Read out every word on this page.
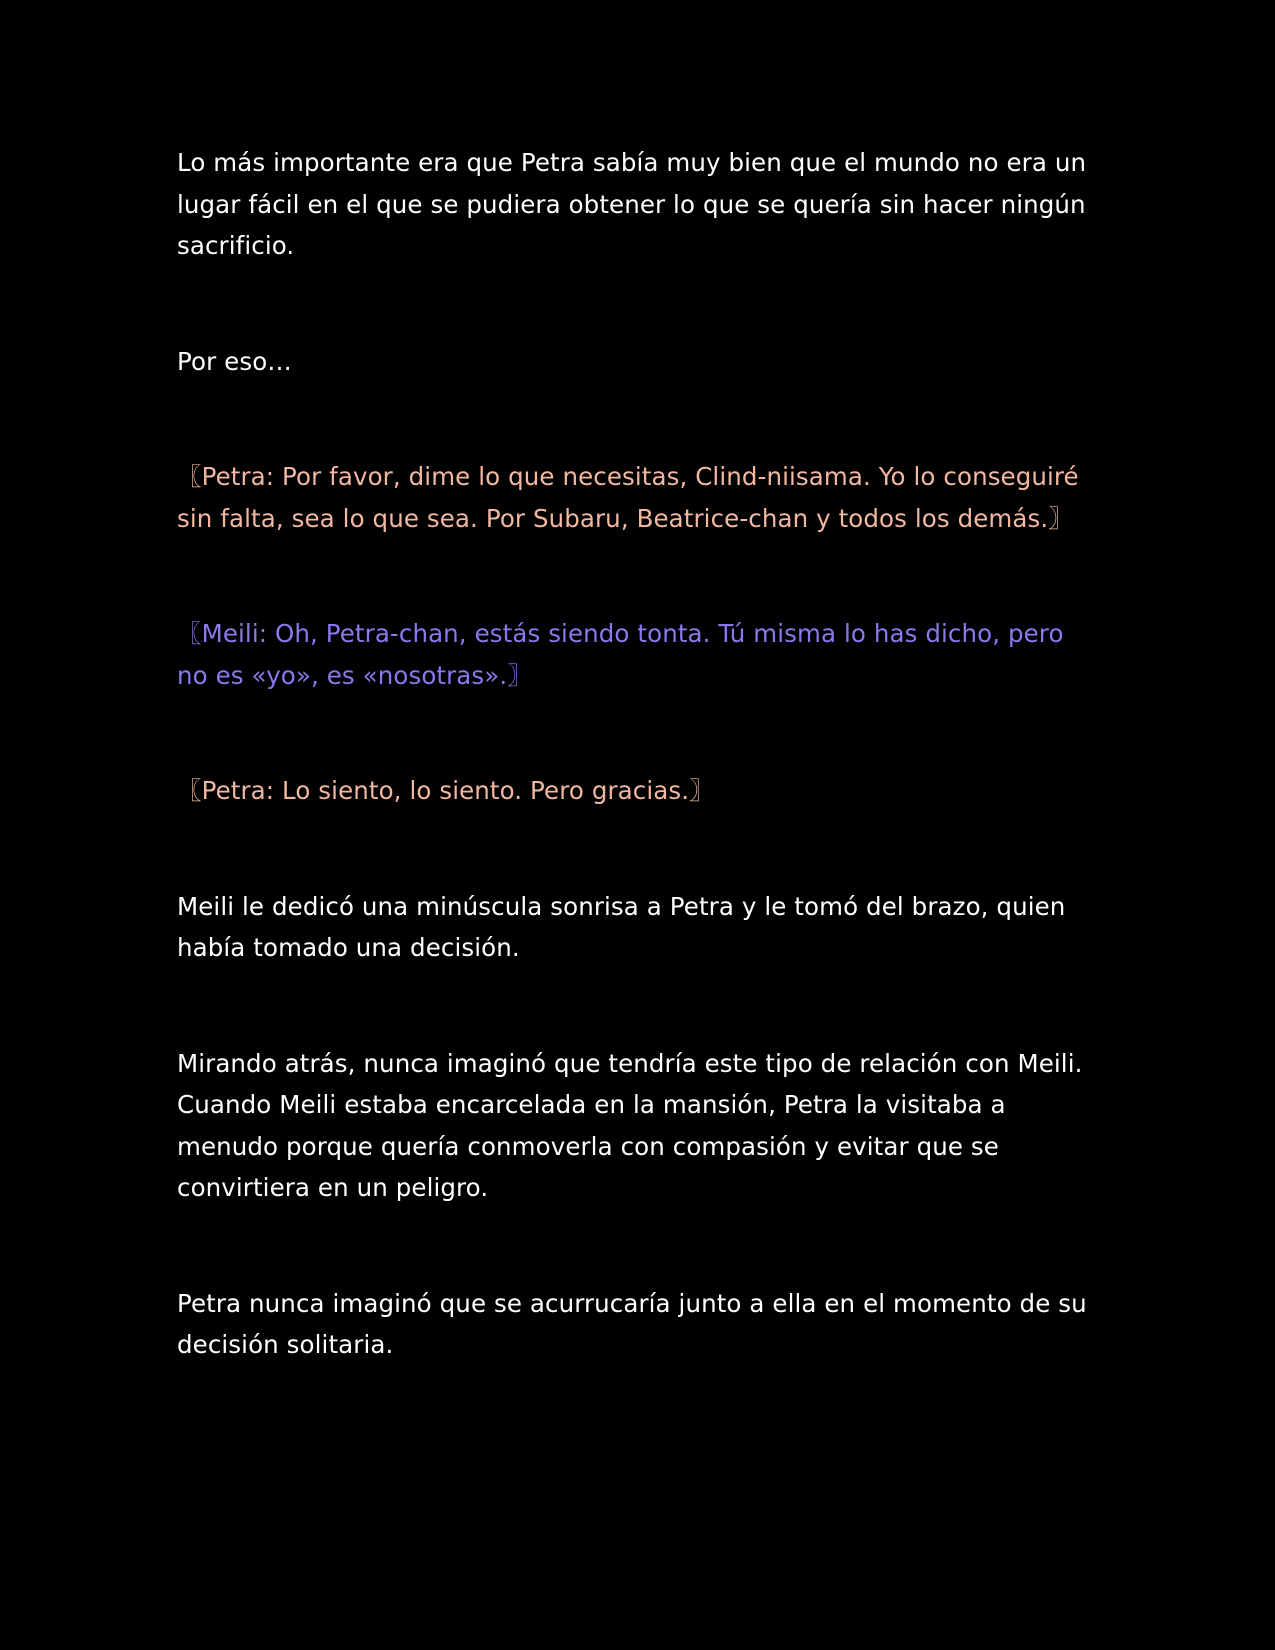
Lo más importante era que Petra sabía muy bien que el mundo no era un lugar fácil en el que se pudiera obtener lo que se quería sin hacer ningún sacrificio.

Por eso…

〖Petra: Por favor, dime lo que necesitas, Clind-niisama. Yo lo conseguiré sin falta, sea lo que sea. Por Subaru, Beatrice-chan y todos los demás.〗

〖Meili: Oh, Petra-chan, estás siendo tonta. Tú misma lo has dicho, pero no es «yo», es «nosotras».〗

〖Petra: Lo siento, lo siento. Pero gracias.〗

Meili le dedicó una minúscula sonrisa a Petra y le tomó del brazo, quien había tomado una decisión.

Mirando atrás, nunca imaginó que tendría este tipo de relación con Meili. Cuando Meili estaba encarcelada en la mansión, Petra la visitaba a menudo porque quería conmoverla con compasión y evitar que se convirtiera en un peligro.

Petra nunca imaginó que se acurrucaría junto a ella en el momento de su decisión solitaria.
